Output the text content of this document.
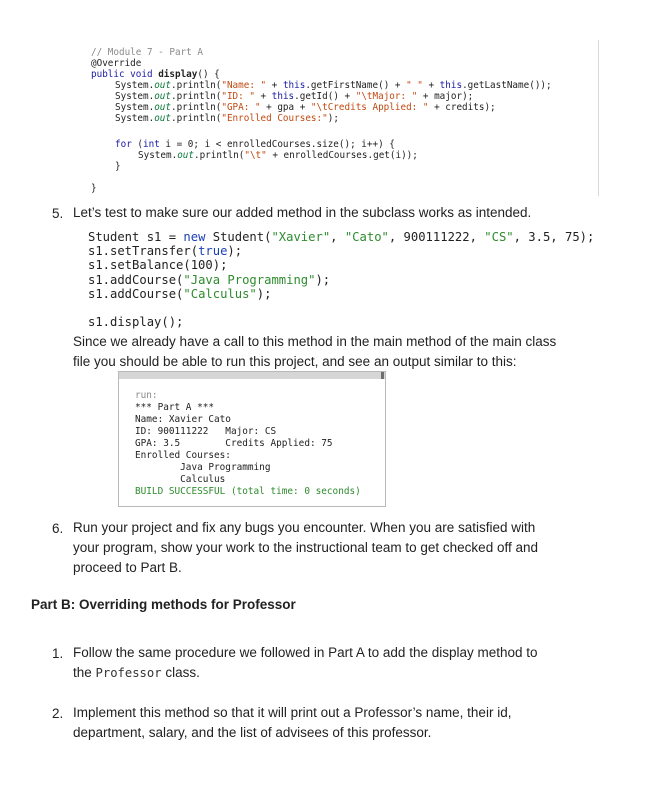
// Module 7 - Part A
@Override
public void display() {
System.out.println("Name: " + this.getFirstName() + " " + this.getLastName());
System.out.println("ID: " + this.getId() + "\tMajor: " + major);
System.out.println("GPA: " + gpa + "\tCredits Applied: " + credits);
System.out.println("Enrolled Courses:");
for (int i = 0; i < enrolledCourses.size(); i++) {
System.out.println("\t" + enrolledCourses.get(i));
}
}
5. Let’s test to make sure our added method in the subclass works as intended.
Student s1 = new Student("Xavier", "Cato", 900111222, "CS", 3.5, 75);
s1.setTransfer(true);
s1.setBalance(100);
s1.addCourse("Java Programming");
s1.addCourse("Calculus");

s1.display();
Since we already have a call to this method in the main method of the main class
file you should be able to run this project, and see an output similar to this:
run:
*** Part A ***
Name: Xavier Cato
ID: 900111222   Major: CS
GPA: 3.5        Credits Applied: 75
Enrolled Courses:
Java Programming
Calculus
BUILD SUCCESSFUL (total time: 0 seconds)
6. Run your project and fix any bugs you encounter. When you are satisfied with
your program, show your work to the instructional team to get checked off and
proceed to Part B.
Part B: Overriding methods for Professor
1. Follow the same procedure we followed in Part A to add the display method to
the Professor class.
2. Implement this method so that it will print out a Professor’s name, their id,
department, salary, and the list of advisees of this professor.
